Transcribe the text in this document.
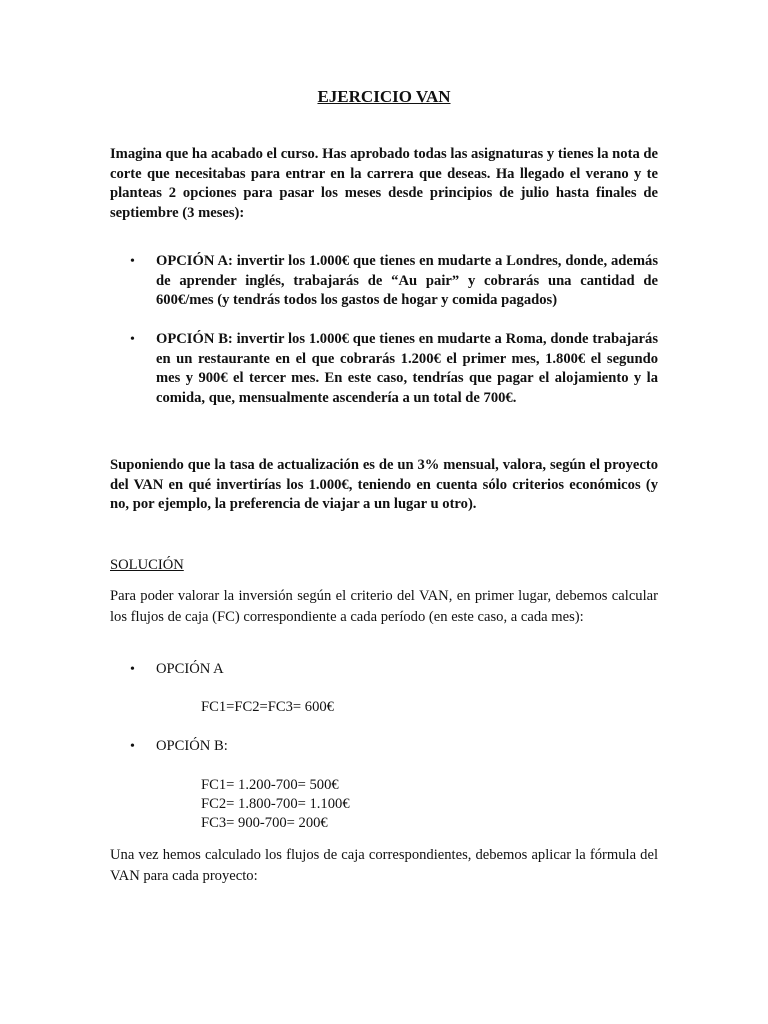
EJERCICIO VAN
Imagina que ha acabado el curso. Has aprobado todas las asignaturas y tienes la nota de corte que necesitabas para entrar en la carrera que deseas. Ha llegado el verano y te planteas 2 opciones para pasar los meses desde principios de julio hasta finales de septiembre (3 meses):
• OPCIÓN A: invertir los 1.000€ que tienes en mudarte a Londres, donde, además de aprender inglés, trabajarás de “Au pair” y cobrarás una cantidad de 600€/mes (y tendrás todos los gastos de hogar y comida pagados)
• OPCIÓN B: invertir los 1.000€ que tienes en mudarte a Roma, donde trabajarás en un restaurante en el que cobrarás 1.200€ el primer mes, 1.800€ el segundo mes y 900€ el tercer mes. En este caso, tendrías que pagar el alojamiento y la comida, que, mensualmente ascendería a un total de 700€.
Suponiendo que la tasa de actualización es de un 3% mensual, valora, según el proyecto del VAN en qué invertirías los 1.000€, teniendo en cuenta sólo criterios económicos (y no, por ejemplo, la preferencia de viajar a un lugar u otro).
SOLUCIÓN
Para poder valorar la inversión según el criterio del VAN, en primer lugar, debemos calcular los flujos de caja (FC) correspondiente a cada período (en este caso, a cada mes):
• OPCIÓN A
FC1=FC2=FC3= 600€
• OPCIÓN B:
FC1= 1.200-700= 500€
FC2= 1.800-700= 1.100€
FC3= 900-700= 200€
Una vez hemos calculado los flujos de caja correspondientes, debemos aplicar la fórmula del VAN para cada proyecto:
